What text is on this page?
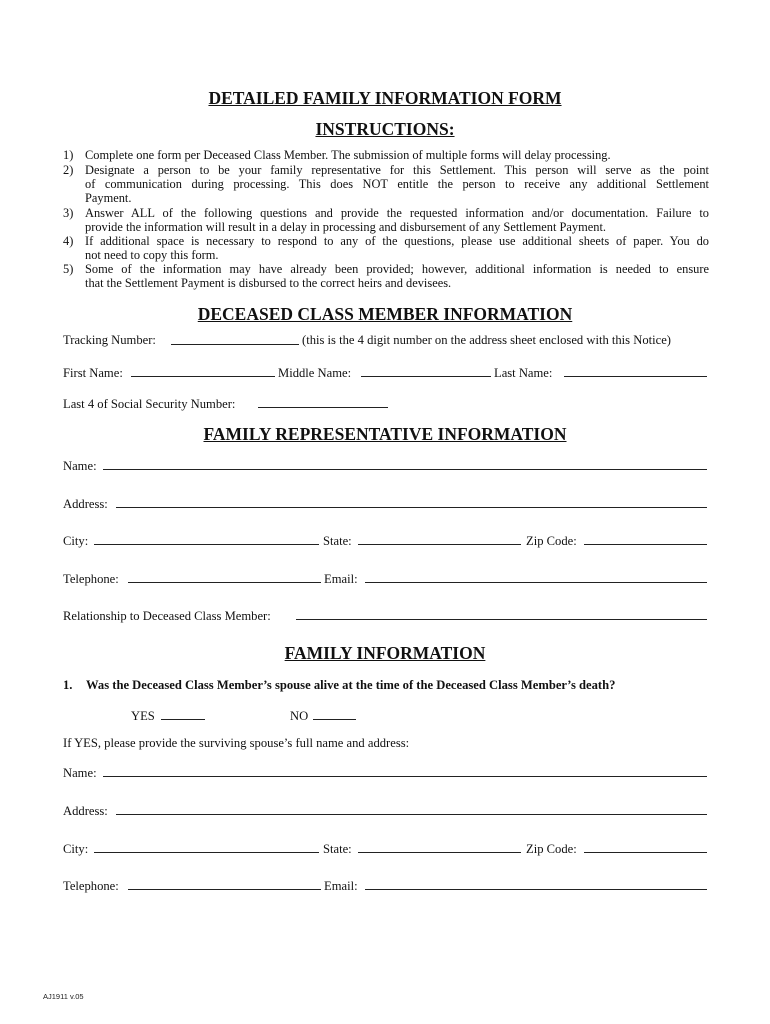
DETAILED FAMILY INFORMATION FORM
INSTRUCTIONS:
1) Complete one form per Deceased Class Member. The submission of multiple forms will delay processing.
2) Designate a person to be your family representative for this Settlement. This person will serve as the point
of communication during processing. This does NOT entitle the person to receive any additional Settlement
Payment.
3) Answer ALL of the following questions and provide the requested information and/or documentation. Failure to
provide the information will result in a delay in processing and disbursement of any Settlement Payment.
4) If additional space is necessary to respond to any of the questions, please use additional sheets of paper. You do
not need to copy this form.
5) Some of the information may have already been provided; however, additional information is needed to ensure
that the Settlement Payment is disbursed to the correct heirs and devisees.
DECEASED CLASS MEMBER INFORMATION
Tracking Number:	(this is the 4 digit number on the address sheet enclosed with this Notice)
First Name:	Middle Name:	Last Name:
Last 4 of Social Security Number:
FAMILY REPRESENTATIVE INFORMATION
Name:
Address:
City:	State:	Zip Code:
Telephone:	Email:
Relationship to Deceased Class Member:
FAMILY INFORMATION
1. Was the Deceased Class Member’s spouse alive at the time of the Deceased Class Member’s death?
YES	NO
If YES, please provide the surviving spouse’s full name and address:
Name:
Address:
City:	State:	Zip Code:
Telephone:	Email:
AJ1911 v.05
